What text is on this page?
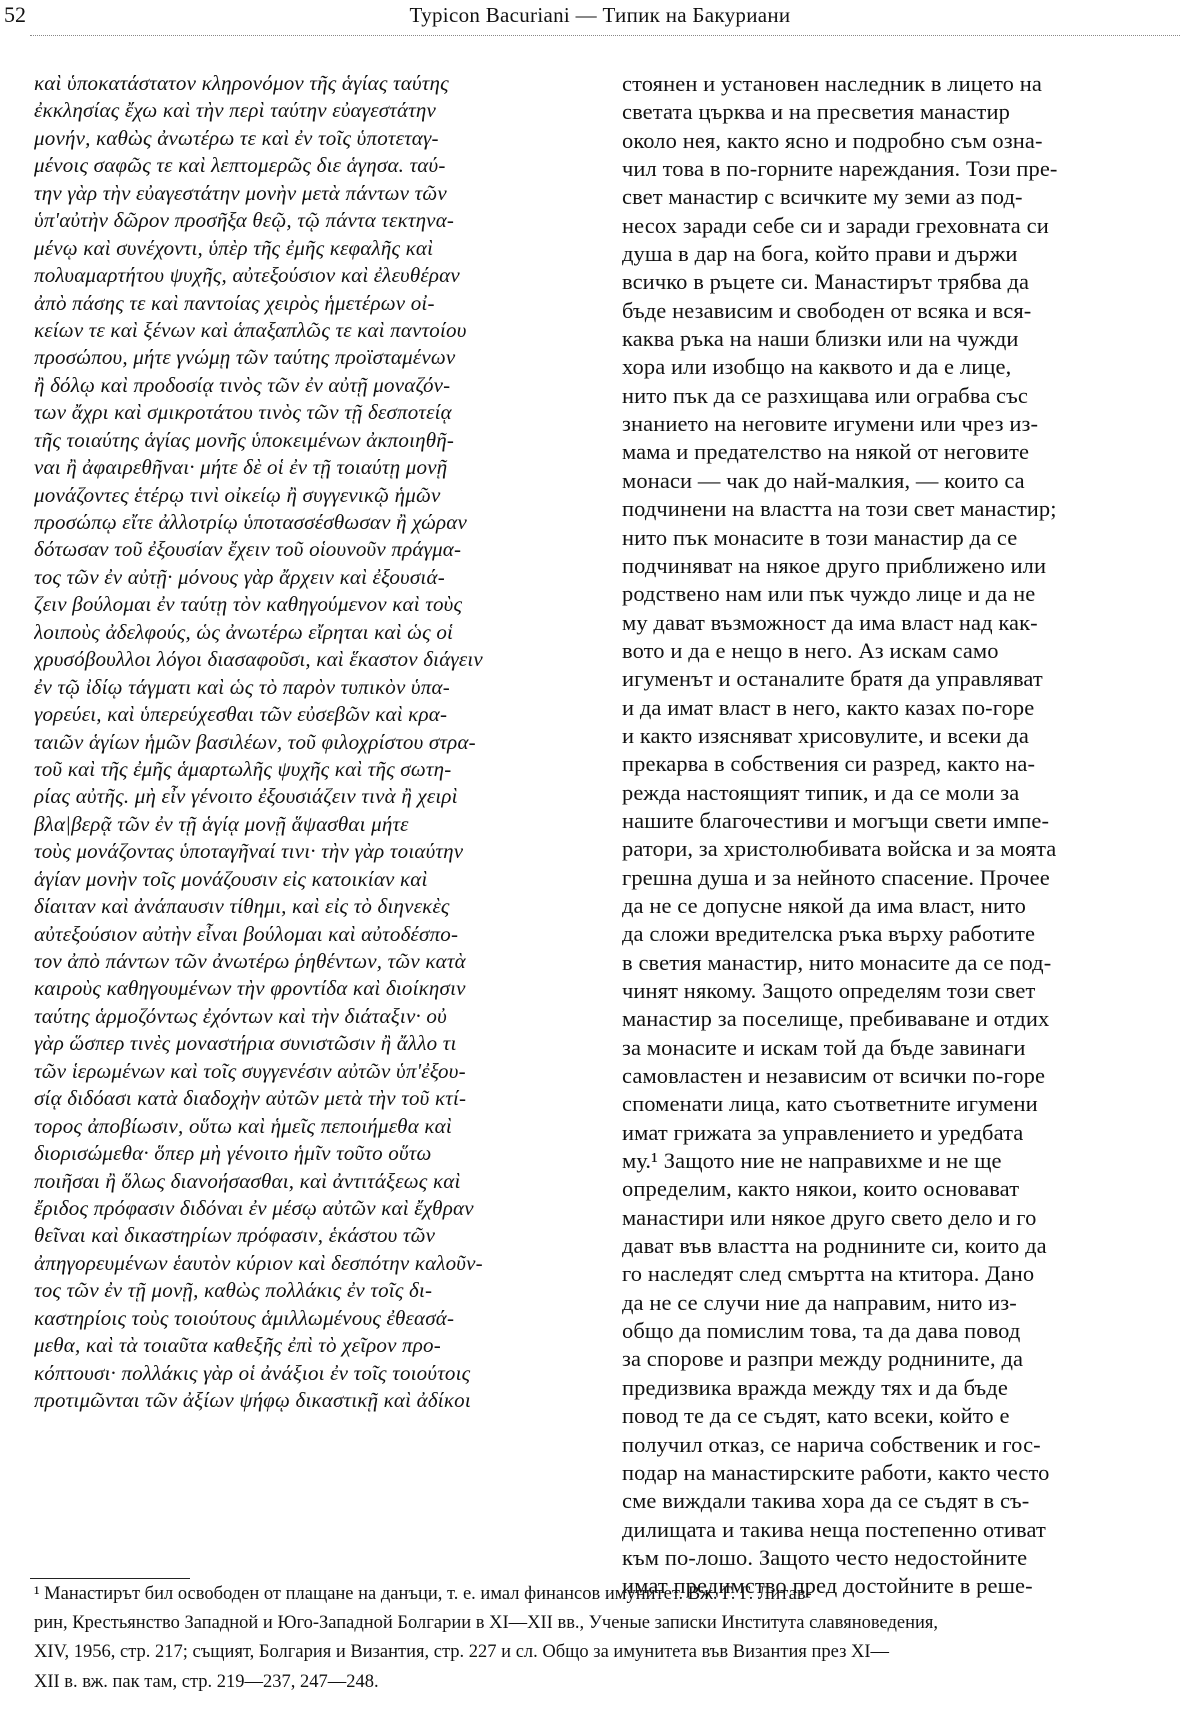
52	Typicon Bacuriani — Типик на Бакуриани
καὶ ὑποκατάστατον κληρονόμον τῆς ἁγίας ταύτης
ἐκκλησίας ἔχω καὶ τὴν περὶ ταύτην εὐαγεστάτην
μονήν, καθὼς ἀνωτέρω τε καὶ ἐν τοῖς ὑποτεταγ-
μένοις σαφῶς τε καὶ λεπτομερῶς διε ἁγησα. ταύ-
την γὰρ τὴν εὐαγεστάτην μονὴν μετὰ πάντων τῶν
ὑπ'αὐτὴν δῶρον προσῆξα θεῷ, τῷ πάντα τεκτηνα-
μένῳ καὶ συνέχοντι, ὑπὲρ τῆς ἐμῆς κεφαλῆς καὶ
πολυαμαρτήτου ψυχῆς, αὐτεξούσιον καὶ ἐλευθέραν
ἀπὸ πάσης τε καὶ παντοίας χειρὸς ἡμετέρων οἰ-
κείων τε καὶ ξένων καὶ ἁπαξαπλῶς τε καὶ παντοίου
προσώπου, μήτε γνώμῃ τῶν ταύτης προϊσταμένων
ἢ δόλῳ καὶ προδοσίᾳ τινὸς τῶν ἐν αὐτῇ μοναζόν-
των ἄχρι καὶ σμικροτάτου τινὸς τῶν τῇ δεσποτείᾳ
τῆς τοιαύτης ἁγίας μονῆς ὑποκειμένων ἀκποιηθῆ-
ναι ἢ ἀφαιρεθῆναι· μήτε δὲ οἱ ἐν τῇ τοιαύτῃ μονῇ
μονάζοντες ἑτέρῳ τινὶ οἰκείῳ ἢ συγγενικῷ ἡμῶν
προσώπῳ εἴτε ἀλλοτρίῳ ὑποτασσέσθωσαν ἢ χώραν
δότωσαν τοῦ ἐξουσίαν ἔχειν τοῦ οἱουνοῦν πράγμα-
τος τῶν ἐν αὐτῇ· μόνους γὰρ ἄρχειν καὶ ἐξουσιά-
ζειν βούλομαι ἐν ταύτῃ τὸν καθηγούμενον καὶ τοὺς
λοιποὺς ἀδελφούς, ὡς ἀνωτέρω εἴρηται καὶ ὡς οἱ
χρυσόβουλλοι λόγοι διασαφοῦσι, καὶ ἕκαστον διάγειν
ἐν τῷ ἰδίῳ τάγματι καὶ ὡς τὸ παρὸν τυπικὸν ὑπα-
γορεύει, καὶ ὑπερεύχεσθαι τῶν εὐσεβῶν καὶ κρα-
ταιῶν ἁγίων ἡμῶν βασιλέων, τοῦ φιλοχρίστου στρα-
τοῦ καὶ τῆς ἐμῆς ἁμαρτωλῆς ψυχῆς καὶ τῆς σωτη-
ρίας αὐτῆς. μὴ εἶν γένοιτο ἐξουσιάζειν τινὰ ἢ χειρὶ
βλα|βερᾷ τῶν ἐν τῇ ἁγίᾳ μονῇ ἅψασθαι μήτε
τοὺς μονάζοντας ὑποταγῆναί τινι· τὴν γὰρ τοιαύτην
ἁγίαν μονὴν τοῖς μονάζουσιν εἰς κατοικίαν καὶ
δίαιταν καὶ ἀνάπαυσιν τίθημι, καὶ εἰς τὸ διηνεκὲς
αὐτεξούσιον αὐτὴν εἶναι βούλομαι καὶ αὐτοδέσπο-
τον ἀπὸ πάντων τῶν ἀνωτέρω ῥηθέντων, τῶν κατὰ
καιροὺς καθηγουμένων τὴν φροντίδα καὶ διοίκησιν
ταύτης ἁρμοζόντως ἐχόντων καὶ τὴν διάταξιν· οὐ
γὰρ ὥσπερ τινὲς μοναστήρια συνιστῶσιν ἢ ἄλλο τι
τῶν ἱερωμένων καὶ τοῖς συγγενέσιν αὐτῶν ὑπ'ἐξου-
σίᾳ διδόασι κατὰ διαδοχὴν αὐτῶν μετὰ τὴν τοῦ κτί-
τορος ἀποβίωσιν, οὕτω καὶ ἡμεῖς πεποιήμεθα καὶ
διορισώμεθα· ὅπερ μὴ γένοιτο ἡμῖν τοῦτο οὕτω
ποιῆσαι ἢ ὅλως διανοήσασθαι, καὶ ἀντιτάξεως καὶ
ἔριδος πρόφασιν διδόναι ἐν μέσῳ αὐτῶν καὶ ἔχθραν
θεῖναι καὶ δικαστηρίων πρόφασιν, ἑκάστου τῶν
ἀπηγορευμένων ἑαυτὸν κύριον καὶ δεσπότην καλοῦν-
τος τῶν ἐν τῇ μονῇ, καθὼς πολλάκις ἐν τοῖς δι-
καστηρίοις τοὺς τοιούτους ἁμιλλωμένους ἐθεασά-
μεθα, καὶ τὰ τοιαῦτα καθεξῆς ἐπὶ τὸ χεῖρον προ-
κόπτουσι· πολλάκις γὰρ οἱ ἀνάξιοι ἐν τοῖς τοιούτοις
προτιμῶνται τῶν ἀξίων ψήφῳ δικαστικῇ καὶ ἀδίκοι
стоянен и установен наследник в лицето на
светата църква и на пресветия манастир
около нея, както ясно и подробно съм озна-
чил това в по-горните нареждания. Този пре-
свет манастир с всичките му земи аз под-
несох заради себе си и заради греховната си
душа в дар на бога, който прави и държи
всичко в ръцете си. Манастирът трябва да
бъде независим и свободен от всяка и вся-
каква ръка на наши близки или на чужди
хора или изобщо на каквото и да е лице,
нито пък да се разхищава или ограбва със
знанието на неговите игумени или чрез из-
мама и предателство на някой от неговите
монаси — чак до най-малкия, — които са
подчинени на властта на този свет манастир;
нито пък монасите в този манастир да се
подчиняват на някое друго приближено или
родствено нам или пък чуждо лице и да не
му дават възможност да има власт над как-
вото и да е нещо в него. Аз искам само
игуменът и останалите братя да управляват
и да имат власт в него, както казах по-горе
и както изясняват хрисовулите, и всеки да
прекарва в собствения си разред, както на-
режда настоящият типик, и да се моли за
нашите благочестиви и могъщи свети импе-
ратори, за христолюбивата войска и за моята
грешна душа и за нейното спасение. Прочее
да не се допусне някой да има власт, нито
да сложи вредителска ръка върху работите
в светия манастир, нито монасите да се под-
чинят някому. Защото определям този свет
манастир за поселище, пребиваване и отдих
за монасите и искам той да бъде завинаги
самовластен и независим от всички по-горе
споменати лица, като съответните игумени
имат грижата за управлението и уредбата
му.¹ Защото ние не направихме и не ще
определим, както някои, които основават
манастири или някое друго свето дело и го
дават във властта на роднините си, които да
го наследят след смъртта на ктитора. Дано
да не се случи ние да направим, нито из-
общо да помислим това, та да дава повод
за спорове и разпри между роднините, да
предизвика вражда между тях и да бъде
повод те да се съдят, като всеки, който е
получил отказ, се нарича собственик и гос-
подар на манастирските работи, както често
сме виждали такива хора да се съдят в съ-
дилищата и такива неща постепенно отиват
към по-лошо. Защото често недостойните
имат предимство пред достойните в реше-
¹ Манастирът бил освободен от плащане на данъци, т. е. имал финансов имунитет. Вж. Г. Г. Литав-
рин, Крестьянство Западной и Юго-Западной Болгарии в XI—XII вв., Ученые записки Института славяноведения,
XIV, 1956, стр. 217; същият, Болгария и Византия, стр. 227 и сл. Общо за имунитета във Византия през XI—
XII в. вж. пак там, стр. 219—237, 247—248.
